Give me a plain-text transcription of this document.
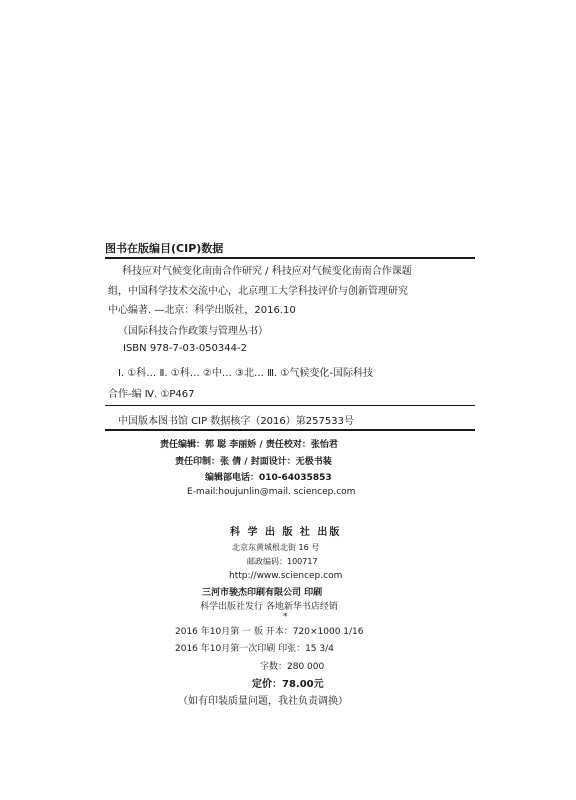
图书在版编目(CIP)数据
科技应对气候变化南南合作研究 / 科技应对气候变化南南合作课题
组，中国科学技术交流中心，北京理工大学科技评价与创新管理研究
中心编著. —北京：科学出版社，2016.10
（国际科技合作政策与管理丛书）
ISBN 978-7-03-050344-2
Ⅰ. ①科… Ⅱ. ①科… ②中… ③北… Ⅲ. ①气候变化-国际科技
合作-编 Ⅳ. ①P467
中国版本图书馆 CIP 数据核字（2016）第257533号
责任编辑：郭 聪 李丽娇 / 责任校对：张怡君
责任印制：张 倩 / 封面设计：无极书装
编辑部电话：010-64035853
E-mail:houjunlin@mail. sciencep.com
科 学 出 版 社 出版
北京东黄城根北街 16 号
邮政编码：100717
http://www.sciencep.com
三河市骏杰印刷有限公司 印刷
科学出版社发行 各地新华书店经销
*
2016 年10月第 一 版 开本：720×1000 1/16
2016 年10月第一次印刷 印张：15 3/4
字数：280 000
定价：78.00元
（如有印装质量问题，我社负责调换）
